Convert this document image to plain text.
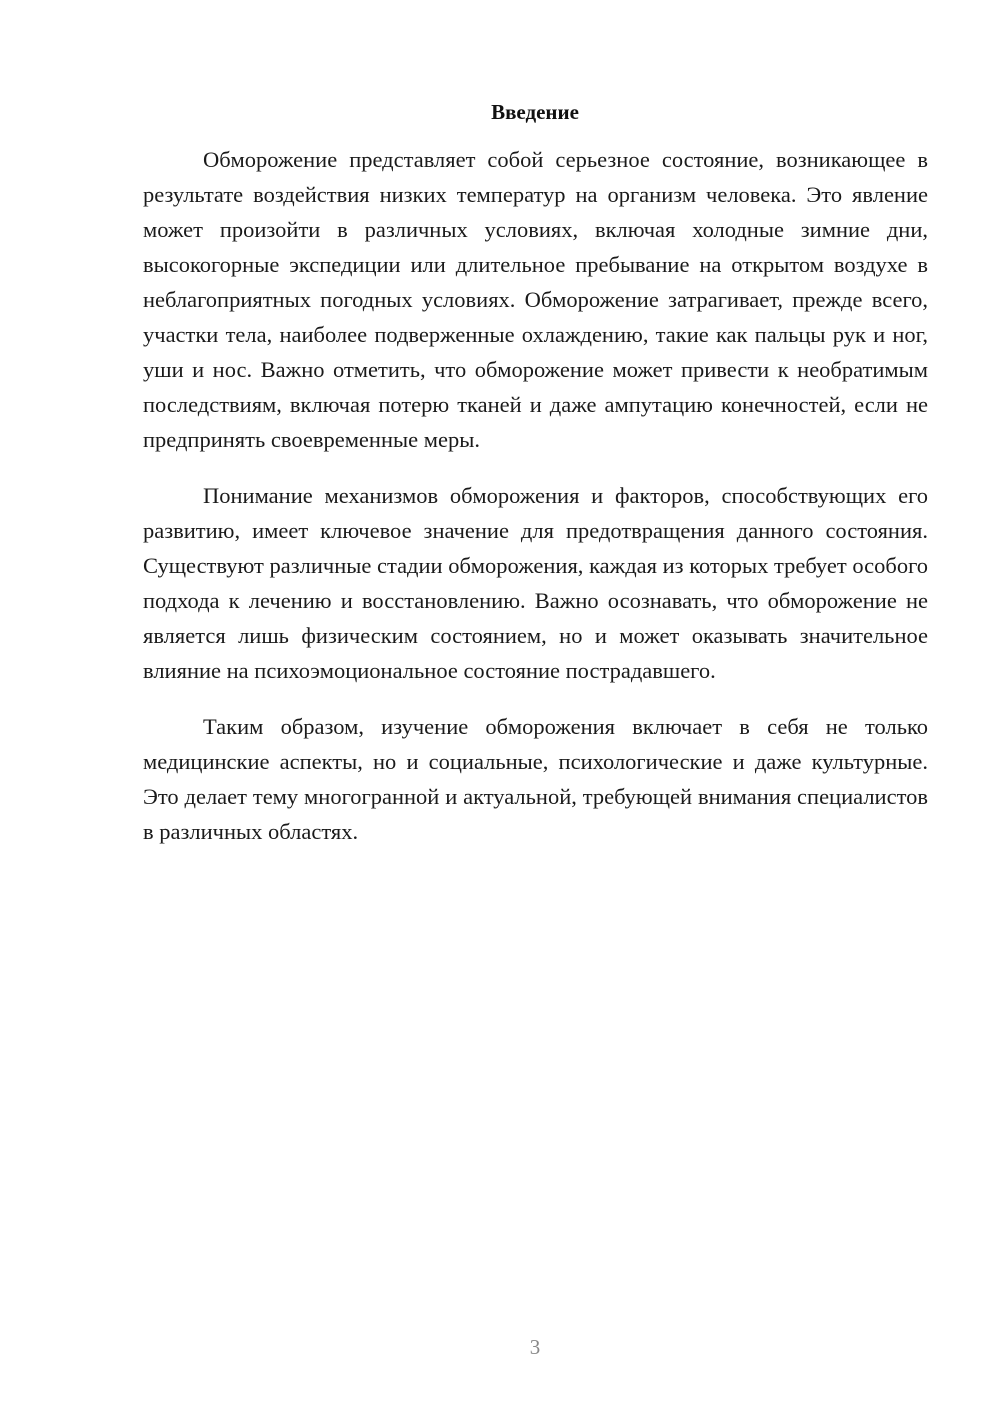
Введение

Обморожение представляет собой серьезное состояние, возникающее в результате воздействия низких температур на организм человека. Это явление может произойти в различных условиях, включая холодные зимние дни, высокогорные экспедиции или длительное пребывание на открытом воздухе в неблагоприятных погодных условиях. Обморожение затрагивает, прежде всего, участки тела, наиболее подверженные охлаждению, такие как пальцы рук и ног, уши и нос. Важно отметить, что обморожение может привести к необратимым последствиям, включая потерю тканей и даже ампутацию конечностей, если не предпринять своевременные меры.

Понимание механизмов обморожения и факторов, способствующих его развитию, имеет ключевое значение для предотвращения данного состояния. Существуют различные стадии обморожения, каждая из которых требует особого подхода к лечению и восстановлению. Важно осознавать, что обморожение не является лишь физическим состоянием, но и может оказывать значительное влияние на психоэмоциональное состояние пострадавшего.

Таким образом, изучение обморожения включает в себя не только медицинские аспекты, но и социальные, психологические и даже культурные. Это делает тему многогранной и актуальной, требующей внимания специалистов в различных областях.

3
